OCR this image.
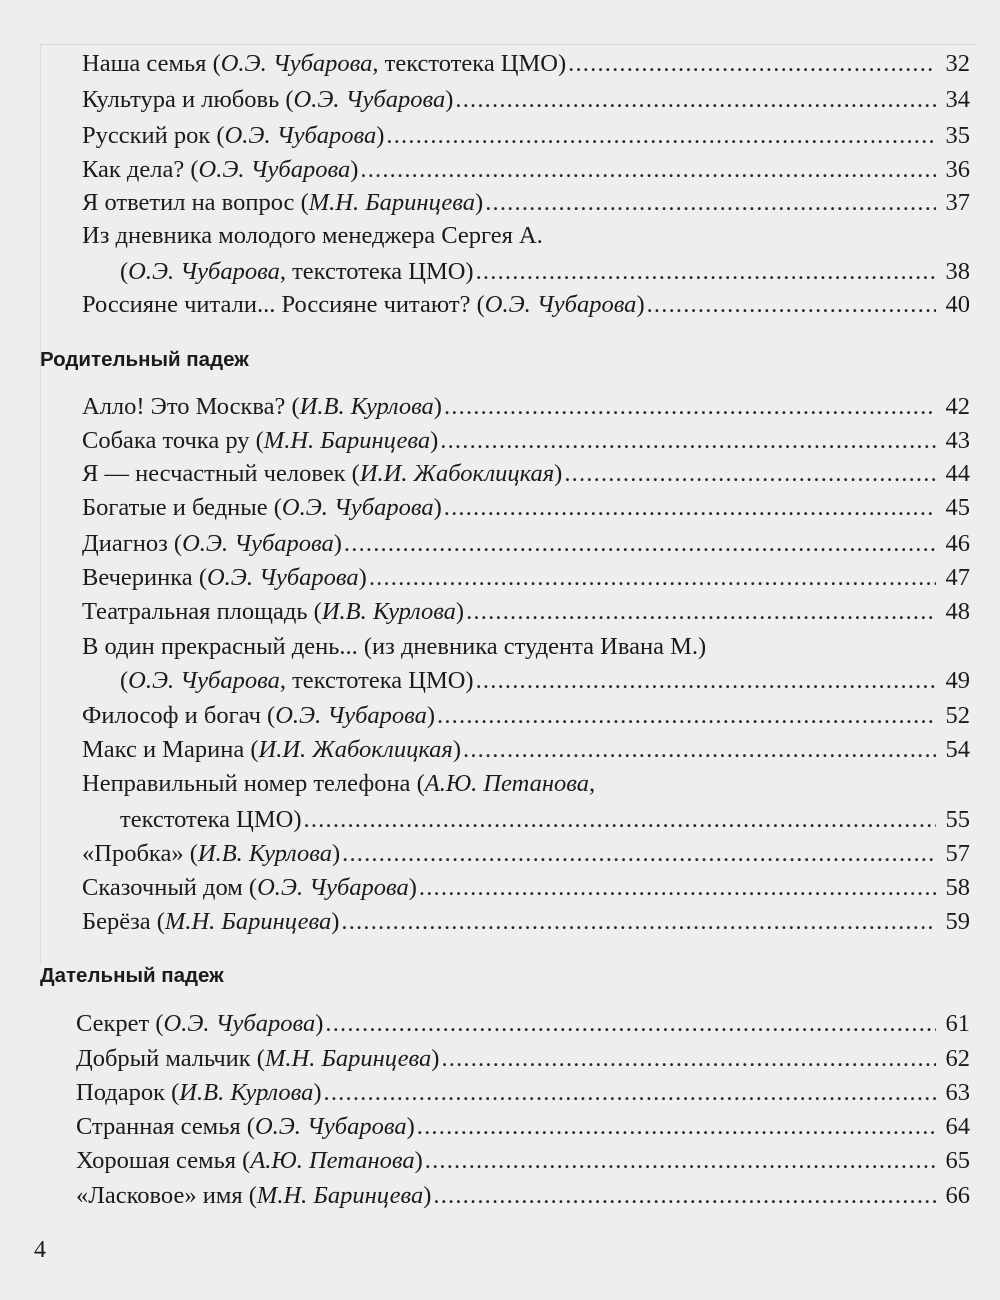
Наша семья (О.Э. Чубарова, текстотека ЦМО) .....	32
Культура и любовь (О.Э. Чубарова) .....	34
Русский рок (О.Э. Чубарова) .....	35
Как дела? (О.Э. Чубарова) .....	36
Я ответил на вопрос (М.Н. Баринцева) .....	37
Из дневника молодого менеджера Сергея А.
(О.Э. Чубарова, текстотека ЦМО) .....	38
Россияне читали... Россияне читают? (О.Э. Чубарова) .....	40
Родительный падеж
Алло! Это Москва? (И.В. Курлова) .....	42
Собака точка ру (М.Н. Баринцева) .....	43
Я — несчастный человек (И.И. Жабоклицкая) .....	44
Богатые и бедные (О.Э. Чубарова) .....	45
Диагноз (О.Э. Чубарова) .....	46
Вечеринка (О.Э. Чубарова) .....	47
Театральная площадь (И.В. Курлова) .....	48
В один прекрасный день... (из дневника студента Ивана М.)
(О.Э. Чубарова, текстотека ЦМО) .....	49
Философ и богач (О.Э. Чубарова) .....	52
Макс и Марина (И.И. Жабоклицкая) .....	54
Неправильный номер телефона (А.Ю. Петанова,
текстотека ЦМО) .....	55
«Пробка» (И.В. Курлова) .....	57
Сказочный дом (О.Э. Чубарова) .....	58
Берёза (М.Н. Баринцева) .....	59
Дательный падеж
Секрет (О.Э. Чубарова) .....	61
Добрый мальчик (М.Н. Баринцева) .....	62
Подарок (И.В. Курлова) .....	63
Странная семья (О.Э. Чубарова) .....	64
Хорошая семья (А.Ю. Петанова) .....	65
«Ласковое» имя (М.Н. Баринцева) .....	66
4
